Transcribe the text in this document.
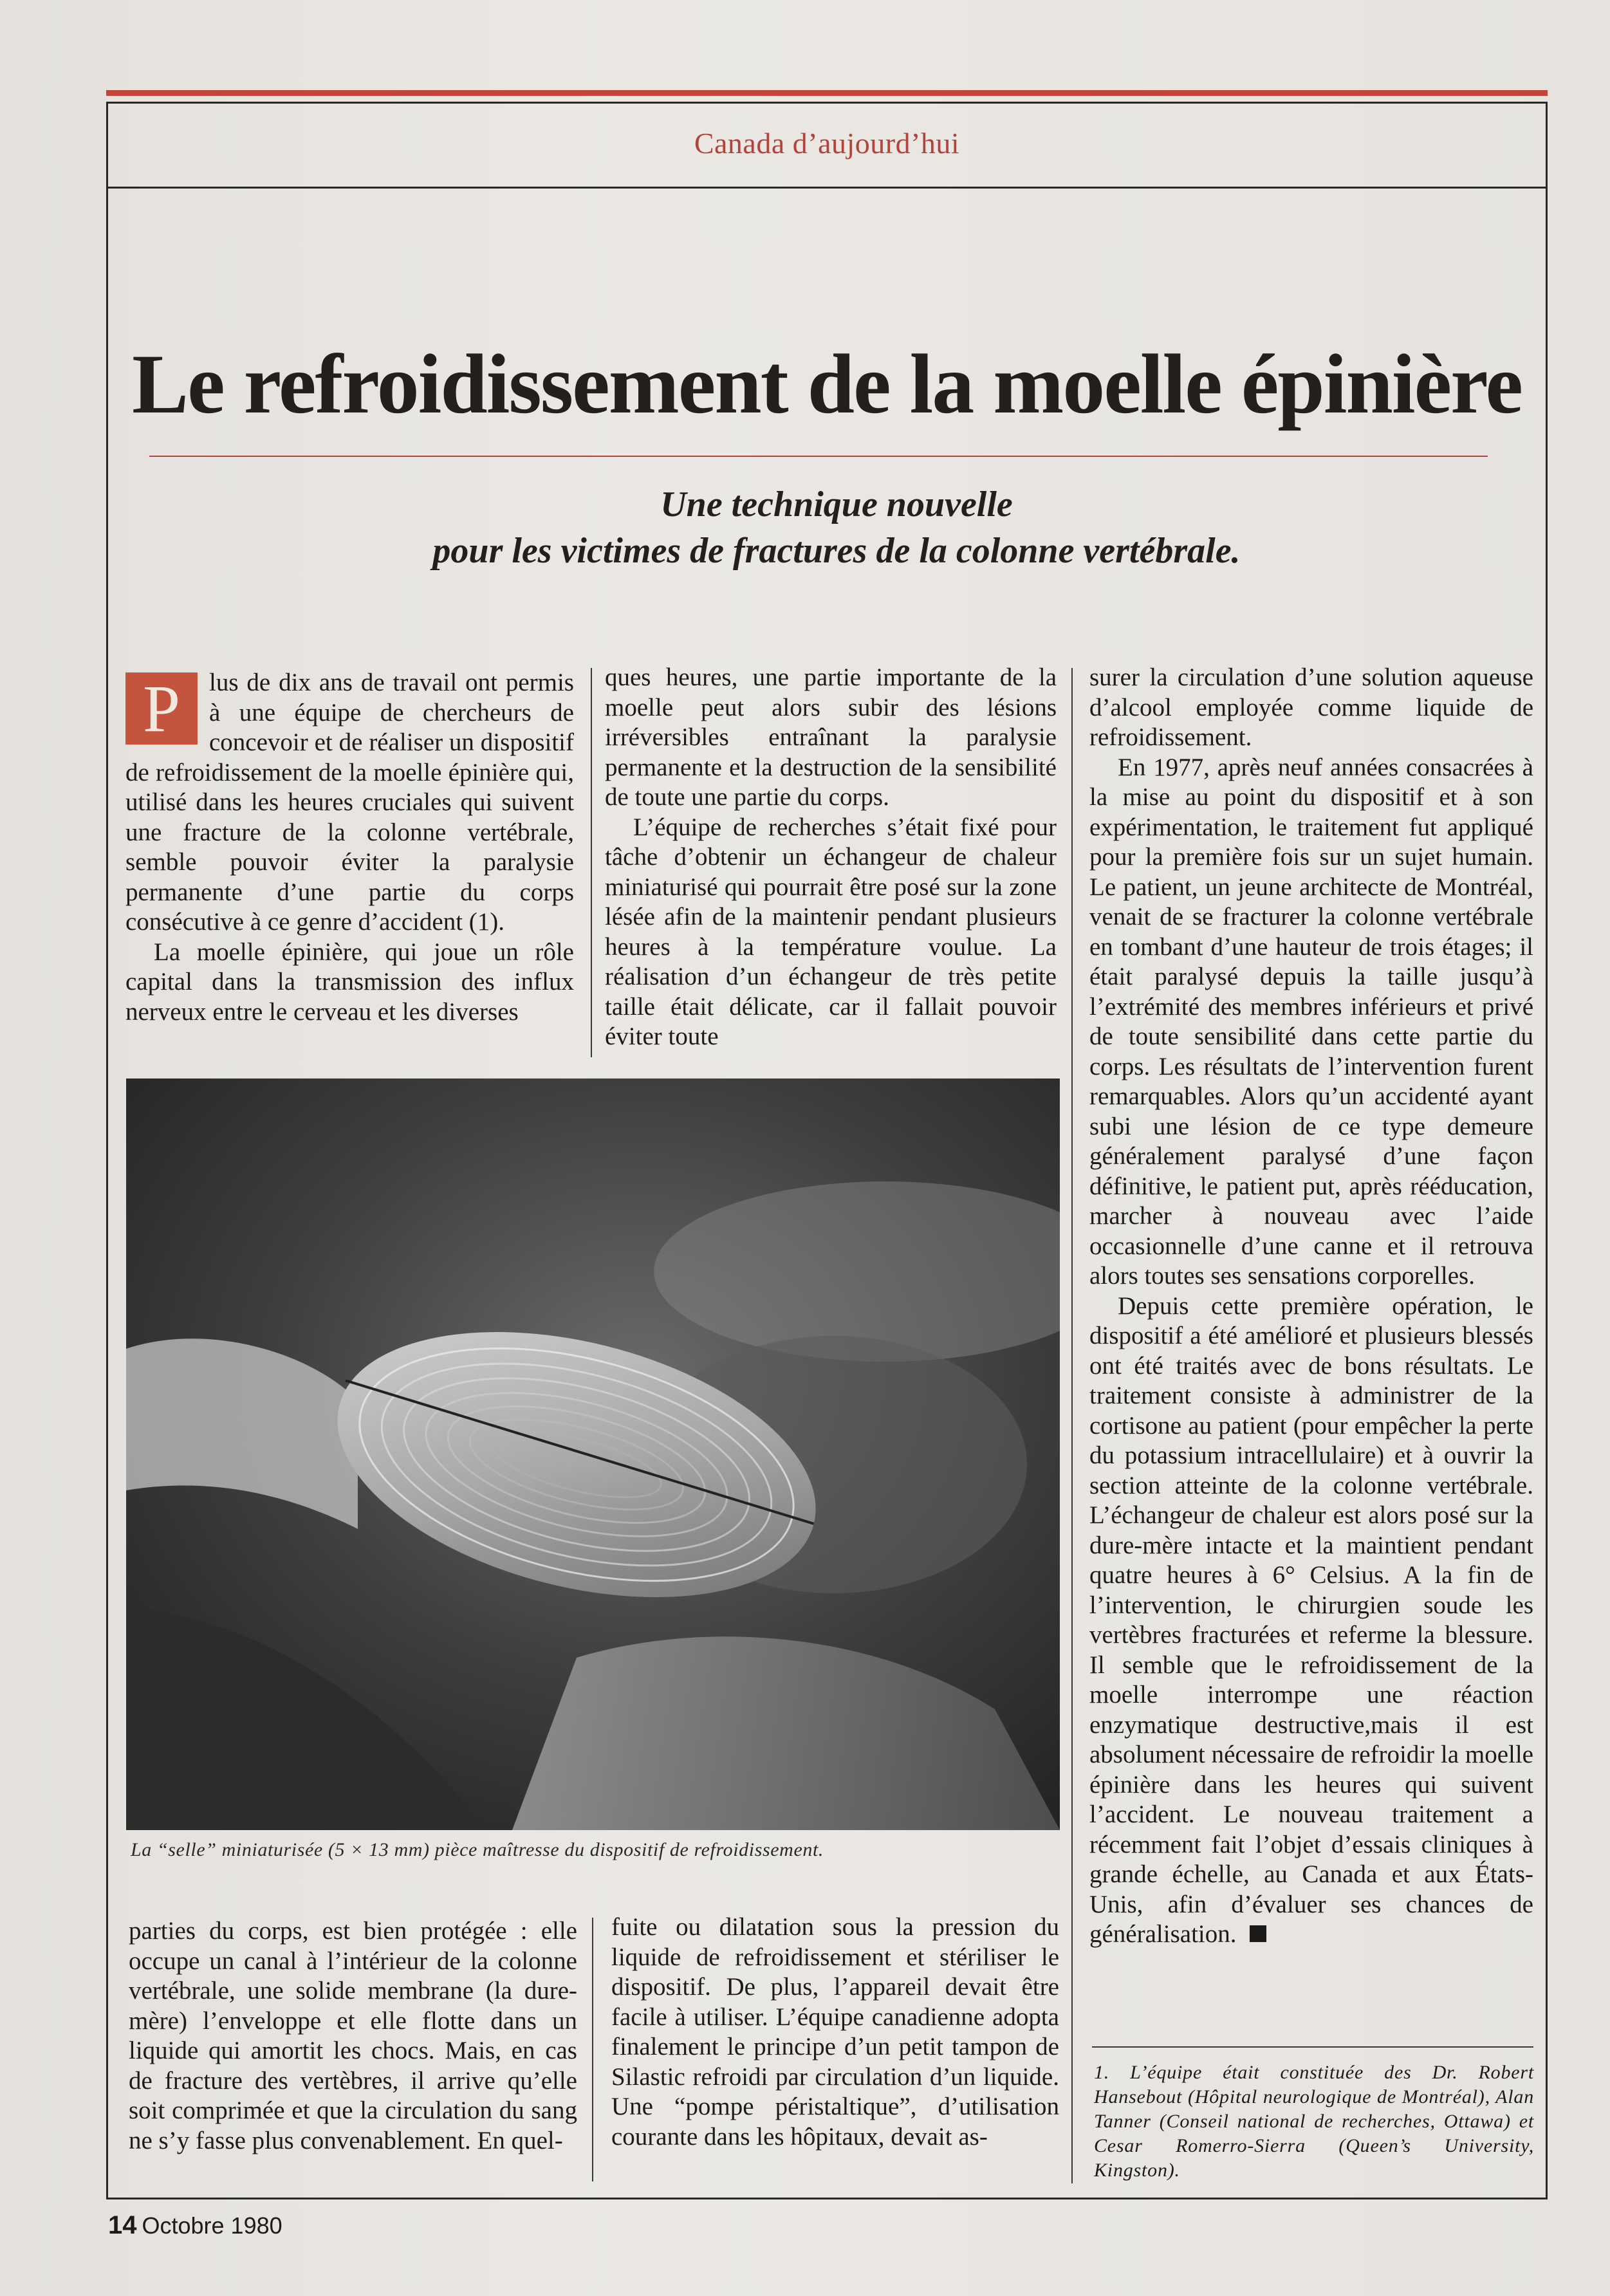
Canada d’aujourd’hui
Le refroidissement de la moelle épinière
Une technique nouvelle
pour les victimes de fractures de la colonne vertébrale.

P	lus de dix ans de travail ont permis à une équipe de chercheurs de concevoir et de réaliser un dispositif de refroidissement de la moelle épinière qui, utilisé dans les heures cruciales qui suivent une fracture de la colonne vertébrale, semble pouvoir éviter la paralysie permanente d’une partie du corps consécutive à ce genre d’accident (1).

La moelle épinière, qui joue un rôle capital dans la transmission des influx nerveux entre le cerveau et les diverses

ques heures, une partie importante de la moelle peut alors subir des lésions irréversibles entraînant la paralysie permanente et la destruction de la sensibilité de toute une partie du corps.

L’équipe de recherches s’était fixé pour tâche d’obtenir un échangeur de chaleur miniaturisé qui pourrait être posé sur la zone lésée afin de la maintenir pendant plusieurs heures à la température voulue. La réalisation d’un échangeur de très petite taille était délicate, car il fallait pouvoir éviter toute

surer la circulation d’une solution aqueuse d’alcool employée comme liquide de refroidissement.

En 1977, après neuf années consacrées à la mise au point du dispositif et à son expérimentation, le traitement fut appliqué pour la première fois sur un sujet humain. Le patient, un jeune architecte de Montréal, venait de se fracturer la colonne vertébrale en tombant d’une hauteur de trois étages; il était paralysé depuis la taille jusqu’à l’extrémité des membres inférieurs et privé de toute sensibilité dans cette partie du corps. Les résultats de l’intervention furent remarquables. Alors qu’un accidenté ayant subi une lésion de ce type demeure généralement paralysé d’une façon définitive, le patient put, après rééducation, marcher à nouveau avec l’aide occasionnelle d’une canne et il retrouva alors toutes ses sensations corporelles.

Depuis cette première opération, le dispositif a été amélioré et plusieurs blessés ont été traités avec de bons résultats. Le traitement consiste à administrer de la cortisone au patient (pour empêcher la perte du potassium intracellulaire) et à ouvrir la section atteinte de la colonne vertébrale. L’échangeur de chaleur est alors posé sur la dure-mère intacte et la maintient pendant quatre heures à 6° Celsius. A la fin de l’intervention, le chirurgien soude les vertèbres fracturées et referme la blessure. Il semble que le refroidissement de la moelle interrompe une réaction enzymatique destructive,mais il est absolument nécessaire de refroidir la moelle épinière dans les heures qui suivent l’accident. Le nouveau traitement a récemment fait l’objet d’essais cliniques à grande échelle, au Canada et aux États-Unis, afin d’évaluer ses chances de généralisation.

La “selle” miniaturisée (5 × 13 mm) pièce maîtresse du dispositif de refroidissement.

parties du corps, est bien protégée : elle occupe un canal à l’intérieur de la colonne vertébrale, une solide membrane (la dure-mère) l’enveloppe et elle flotte dans un liquide qui amortit les chocs. Mais, en cas de fracture des vertèbres, il arrive qu’elle soit comprimée et que la circulation du sang ne s’y fasse plus convenablement. En quel-

fuite ou dilatation sous la pression du liquide de refroidissement et stériliser le dispositif. De plus, l’appareil devait être facile à utiliser. L’équipe canadienne adopta finalement le principe d’un petit tampon de Silastic refroidi par circulation d’un liquide. Une “pompe péristaltique”, d’utilisation courante dans les hôpitaux, devait as-

1. L’équipe était constituée des Dr. Robert Hansebout (Hôpital neurologique de Montréal), Alan Tanner (Conseil national de recherches, Ottawa) et Cesar Romerro-Sierra (Queen’s University, Kingston).
14 Octobre 1980
